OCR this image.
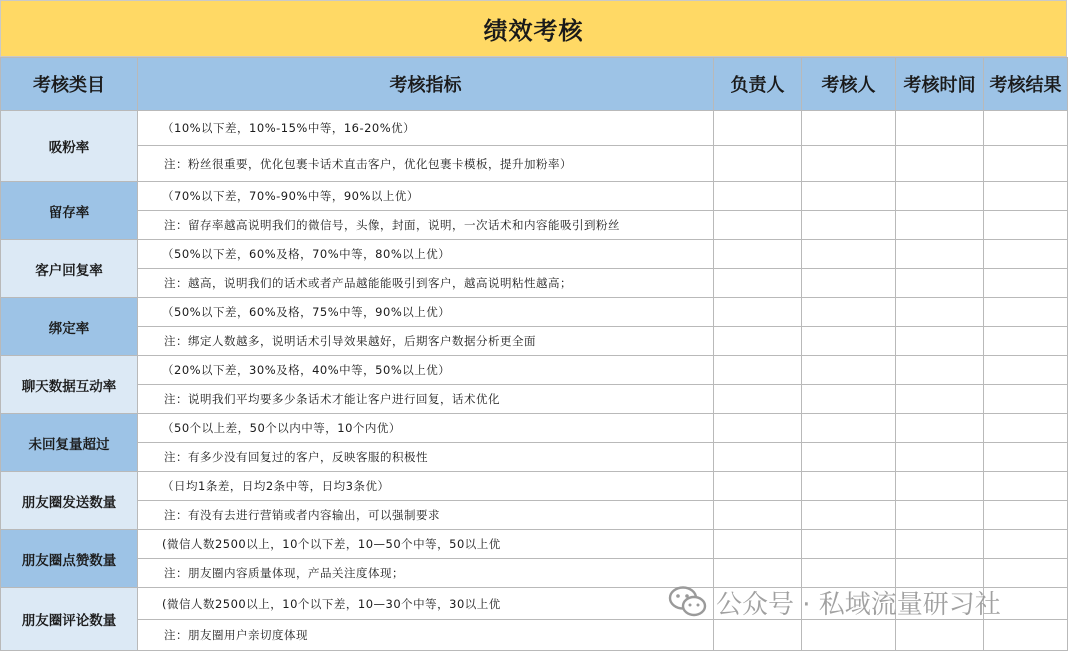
绩效考核
考核类目	考核指标	负责人	考核人	考核时间	考核结果
吸粉率	（10%以下差，10%-15%中等，16-20%优）				
	注：粉丝很重要，优化包裹卡话术直击客户，优化包裹卡模板，提升加粉率）				
留存率	（70%以下差，70%-90%中等，90%以上优）				
	注：留存率越高说明我们的微信号，头像，封面，说明，一次话术和内容能吸引到粉丝				
客户回复率	（50%以下差，60%及格，70%中等，80%以上优）				
	注：越高，说明我们的话术或者产品越能能吸引到客户，越高说明粘性越高；				
绑定率	（50%以下差，60%及格，75%中等，90%以上优）				
	注：绑定人数越多，说明话术引导效果越好，后期客户数据分析更全面				
聊天数据互动率	（20%以下差，30%及格，40%中等，50%以上优）				
	注：说明我们平均要多少条话术才能让客户进行回复，话术优化				
未回复量超过	（50个以上差，50个以内中等，10个内优）				
	注：有多少没有回复过的客户，反映客服的积极性				
朋友圈发送数量	（日均1条差，日均2条中等，日均3条优）				
	注：有没有去进行营销或者内容输出，可以强制要求				
朋友圈点赞数量	(微信人数2500以上，10个以下差，10—50个中等，50以上优				
	注：朋友圈内容质量体现，产品关注度体现；				
朋友圈评论数量	(微信人数2500以上，10个以下差，10—30个中等，30以上优				
	注：朋友圈用户亲切度体现				
公众号 · 私域流量研习社
